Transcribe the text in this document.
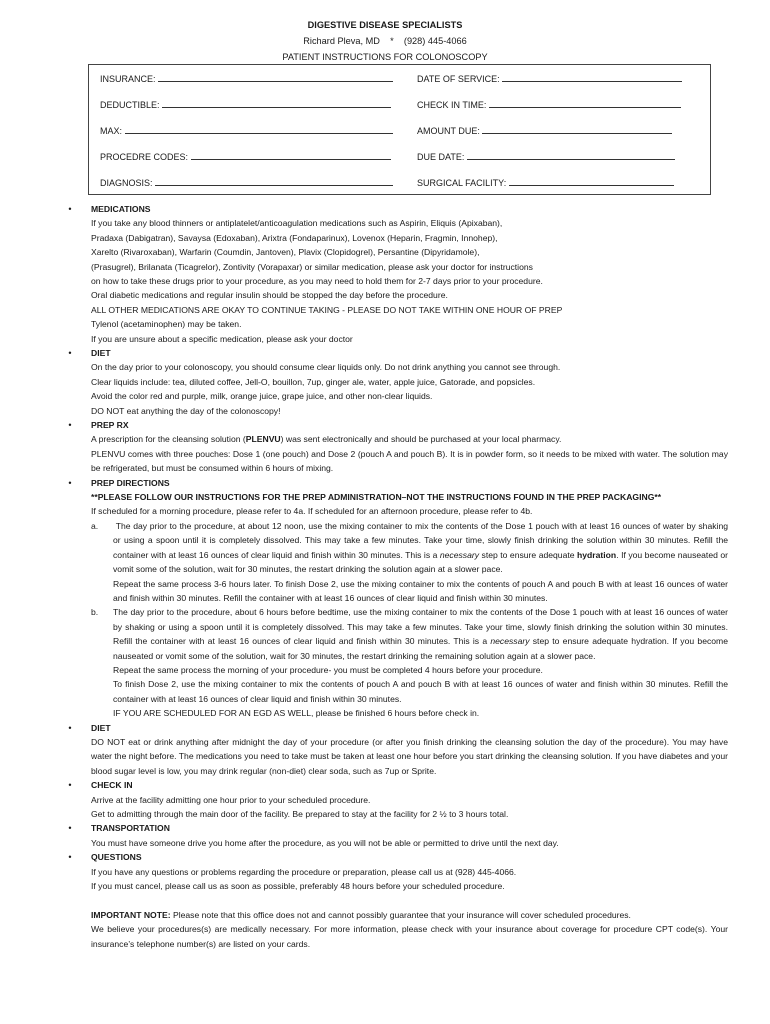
DIGESTIVE DISEASE SPECIALISTS
Richard Pleva, MD * (928) 445-4066
PATIENT INSTRUCTIONS FOR COLONOSCOPY
INSURANCE:	DATE OF SERVICE:
DEDUCTIBLE:	CHECK IN TIME:
MAX:	AMOUNT DUE:
PROCEDRE CODES:	DUE DATE:
DIAGNOSIS:	SURGICAL FACILITY:
•	MEDICATIONS
If you take any blood thinners or antiplatelet/anticoagulation medications such as Aspirin, Eliquis (Apixaban),
Pradaxa (Dabigatran), Savaysa (Edoxaban), Arixtra (Fondaparinux), Lovenox (Heparin, Fragmin, Innohep),
Xarelto (Rivaroxaban), Warfarin (Coumdin, Jantoven), Plavix (Clopidogrel), Persantine (Dipyridamole),
(Prasugrel), Brilanata (Ticagrelor), Zontivity (Vorapaxar) or similar medication, please ask your doctor for instructions
on how to take these drugs prior to your procedure, as you may need to hold them for 2-7 days prior to your procedure.
Oral diabetic medications and regular insulin should be stopped the day before the procedure.
ALL OTHER MEDICATIONS ARE OKAY TO CONTINUE TAKING - PLEASE DO NOT TAKE WITHIN ONE HOUR OF PREP
Tylenol (acetaminophen) may be taken.
If you are unsure about a specific medication, please ask your doctor
•	DIET
On the day prior to your colonoscopy, you should consume clear liquids only. Do not drink anything you cannot see through.
Clear liquids include: tea, diluted coffee, Jell-O, bouillon, 7up, ginger ale, water, apple juice, Gatorade, and popsicles.
Avoid the color red and purple, milk, orange juice, grape juice, and other non-clear liquids.
DO NOT eat anything the day of the colonoscopy!
•	PREP RX
A prescription for the cleansing solution (PLENVU) was sent electronically and should be purchased at your local pharmacy.
PLENVU comes with three pouches: Dose 1 (one pouch) and Dose 2 (pouch A and pouch B). It is in powder form, so it needs to be mixed with water. The solution may be refrigerated, but must be consumed within 6 hours of mixing.
•	PREP DIRECTIONS
**PLEASE FOLLOW OUR INSTRUCTIONS FOR THE PREP ADMINISTRATION–NOT THE INSTRUCTIONS FOUND IN THE PREP PACKAGING**
If scheduled for a morning procedure, please refer to 4a. If scheduled for an afternoon procedure, please refer to 4b.
a.	The day prior to the procedure, at about 12 noon, use the mixing container to mix the contents of the Dose 1 pouch with at least 16 ounces of water by shaking or using a spoon until it is completely dissolved. This may take a few minutes. Take your time, slowly finish drinking the solution within 30 minutes. Refill the container with at least 16 ounces of clear liquid and finish within 30 minutes. This is a necessary step to ensure adequate hydration. If you become nauseated or vomit some of the solution, wait for 30 minutes, the restart drinking the solution again at a slower pace.
Repeat the same process 3-6 hours later. To finish Dose 2, use the mixing container to mix the contents of pouch A and pouch B with at least 16 ounces of water and finish within 30 minutes. Refill the container with at least 16 ounces of clear liquid and finish within 30 minutes.
b. The day prior to the procedure, about 6 hours before bedtime, use the mixing container to mix the contents of the Dose 1 pouch with at least 16 ounces of water by shaking or using a spoon until it is completely dissolved. This may take a few minutes. Take your time, slowly finish drinking the solution within 30 minutes. Refill the container with at least 16 ounces of clear liquid and finish within 30 minutes. This is a necessary step to ensure adequate hydration. If you become nauseated or vomit some of the solution, wait for 30 minutes, the restart drinking the remaining solution again at a slower pace.
Repeat the same process the morning of your procedure- you must be completed 4 hours before your procedure.
To finish Dose 2, use the mixing container to mix the contents of pouch A and pouch B with at least 16 ounces of water and finish within 30 minutes. Refill the container with at least 16 ounces of clear liquid and finish within 30 minutes.
IF YOU ARE SCHEDULED FOR AN EGD AS WELL, please be finished 6 hours before check in.
•	DIET
DO NOT eat or drink anything after midnight the day of your procedure (or after you finish drinking the cleansing solution the day of the procedure). You may have water the night before. The medications you need to take must be taken at least one hour before you start drinking the cleansing solution. If you have diabetes and your blood sugar level is low, you may drink regular (non-diet) clear soda, such as 7up or Sprite.
•	CHECK IN
Arrive at the facility admitting one hour prior to your scheduled procedure.
Get to admitting through the main door of the facility. Be prepared to stay at the facility for 2 ½ to 3 hours total.
•	TRANSPORTATION
You must have someone drive you home after the procedure, as you will not be able or permitted to drive until the next day.
•	QUESTIONS
If you have any questions or problems regarding the procedure or preparation, please call us at (928) 445-4066.
If you must cancel, please call us as soon as possible, preferably 48 hours before your scheduled procedure.
IMPORTANT NOTE: Please note that this office does not and cannot possibly guarantee that your insurance will cover scheduled procedures.
We believe your procedures(s) are medically necessary. For more information, please check with your insurance about coverage for procedure CPT code(s). Your insurance’s telephone number(s) are listed on your cards.
